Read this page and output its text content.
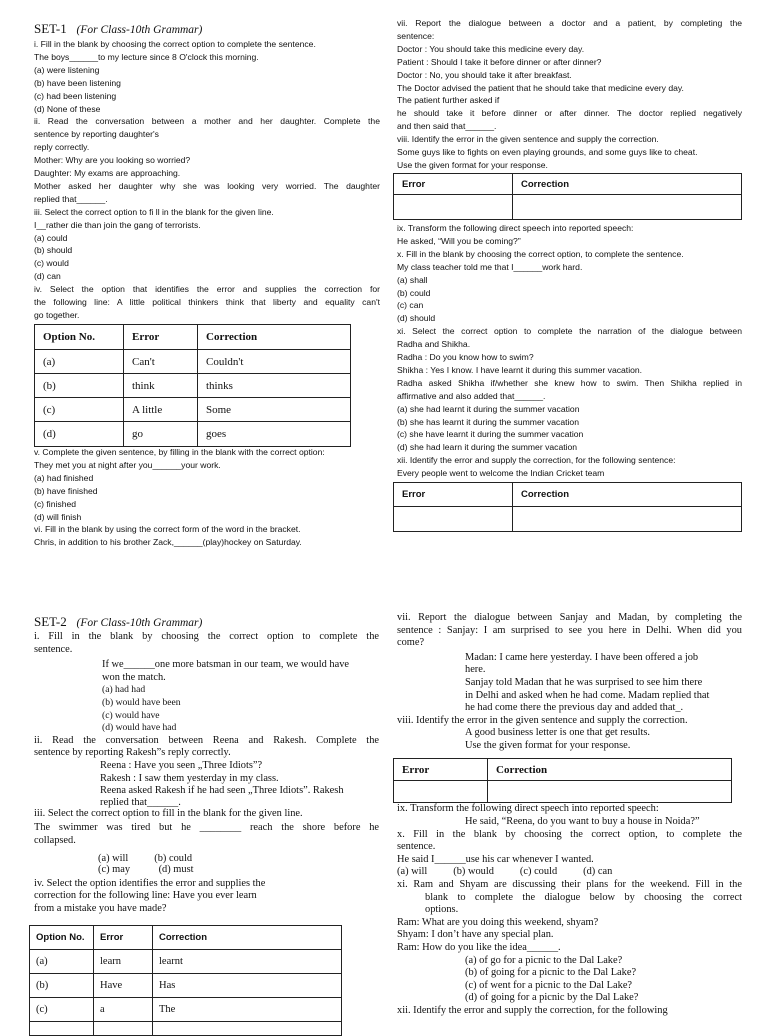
SET-1 (For Class-10th Grammar)
i. Fill in the blank by choosing the correct option to complete the sentence.
The boys______to my lecture since 8 O'clock this morning.
(a) were listening
(b) have been listening
(c) had been listening
(d) None of these
ii. Read the conversation between a mother and her daughter. Complete the
sentence by reporting daughter's
reply correctly.
Mother: Why are you looking so worried?
Daughter: My exams are approaching.
Mother asked her daughter why she was looking very worried. The daughter
replied that______.
iii. Select the correct option to fi ll in the blank for the given line.
I__rather die than join the gang of terrorists.
(a) could
(b) should
(c) would
(d) can
iv. Select the option that identifies the error and supplies the correction for
the following line: A little political thinkers think that liberty and equality can't
go together.
Option No.	Error	Correction
(a)	Can't	Couldn't
(b)	think	thinks
(c)	A little	Some
(d)	go	goes
v. Complete the given sentence, by filling in the blank with the correct option:
They met you at night after you______your work.
(a) had finished
(b) have finished
(c) finished
(d) will finish
vi. Fill in the blank by using the correct form of the word in the bracket.
Chris, in addition to his brother Zack,______(play)hockey on Saturday.
vii. Report the dialogue between a doctor and a patient, by completing the
sentence:
Doctor : You should take this medicine every day.
Patient : Should I take it before dinner or after dinner?
Doctor : No, you should take it after breakfast.
The Doctor advised the patient that he should take that medicine every day.
The patient further asked if
he should take it before dinner or after dinner. The doctor replied negatively
and then said that______.
viii. Identify the error in the given sentence and supply the correction.
Some guys like to fights on even playing grounds, and some guys like to cheat.
Use the given format for your response.
Error	Correction

ix. Transform the following direct speech into reported speech:
He asked, “Will you be coming?”
x. Fill in the blank by choosing the correct option, to complete the sentence.
My class teacher told me that I______work hard.
(a) shall
(b) could
(c) can
(d) should
xi. Select the correct option to complete the narration of the dialogue between
Radha and Shikha.
Radha : Do you know how to swim?
Shikha : Yes I know. I have learnt it during this summer vacation.
Radha asked Shikha if/whether she knew how to swim. Then Shikha replied in
affirmative and also added that______.
(a) she had learnt it during the summer vacation
(b) she has learnt it during the summer vacation
(c) she have learnt it during the summer vacation
(d) she had learn it during the summer vacation
xii. Identify the error and supply the correction, for the following sentence:
Every people went to welcome the Indian Cricket team
Error	Correction

SET-2 (For Class-10th Grammar)
i. Fill in the blank by choosing the correct option to complete the
sentence.
If we______one more batsman in our team, we would have
won the match.
(a) had had
(b) would have been
(c) would have
(d) would have had
ii. Read the conversation between Reena and Rakesh. Complete the
sentence by reporting Rakesh”s reply correctly.
Reena : Have you seen „Three Idiots”?
Rakesh : I saw them yesterday in my class.
Reena asked Rakesh if he had seen „Three Idiots”. Rakesh
replied that______.
iii. Select the correct option to fill in the blank for the given line.
The swimmer was tired but he ________ reach the shore before he
collapsed.
(a) will          (b) could
(c) may           (d) must
iv. Select the option identifies the error and supplies the
correction for the following line: Have you ever learn
from a mistake you have made?
Option No.	Error	Correction
(a)	learn	learnt
(b)	Have	Has
(c)	a	The

vii. Report the dialogue between Sanjay and Madan, by completing the
sentence : Sanjay: I am surprised to see you here in Delhi. When did you
come?
Madan: I came here yesterday. I have been offered a job
here.
Sanjay told Madan that he was surprised to see him there
in Delhi and asked when he had come. Madam replied that
he had come there the previous day and added that_.
viii. Identify the error in the given sentence and supply the correction.
A good business letter is one that get results.
Use the given format for your response.
Error	Correction

ix. Transform the following direct speech into reported speech:
He said, “Reena, do you want to buy a house in Noida?”
x. Fill in the blank by choosing the correct option, to complete the
sentence.
He said I______use his car whenever I wanted.
(a) will          (b) would          (c) could          (d) can
xi. Ram and Shyam are discussing their plans for the weekend. Fill in the
blank to complete the dialogue below by choosing the correct
options.
Ram: What are you doing this weekend, shyam?
Shyam: I don’t have any special plan.
Ram: How do you like the idea______.
(a) of go for a picnic to the Dal Lake?
(b) of going for a picnic to the Dal Lake?
(c) of went for a picnic to the Dal Lake?
(d) of going for a picnic by the Dal Lake?
xii. Identify the error and supply the correction, for the following
